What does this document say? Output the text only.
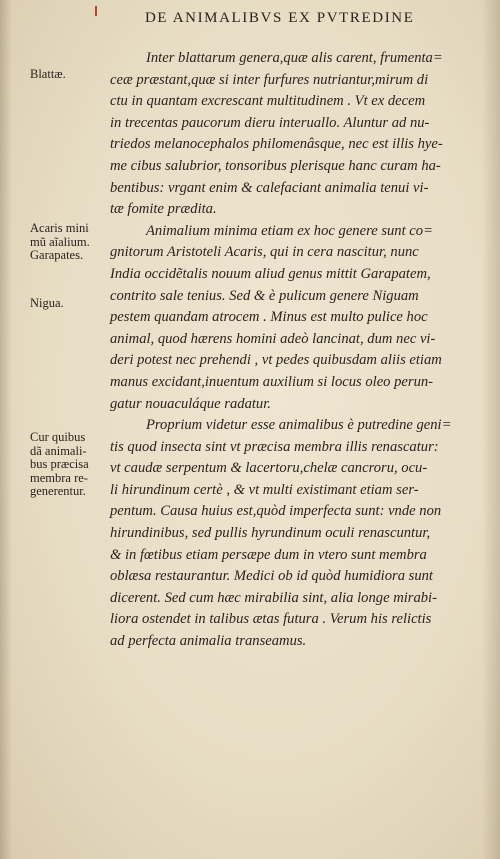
DE ANIMALIBVS EX PVTREDINE
Blattæ.
Acaris mini
mũ aĩalium.
Garapates.
Nigua.
Cur quibus
dã animali-
bus præcisa
membra re-
generentur.
Inter blattarum genera,quæ alis carent, frumenta=
ceæ præstant,quæ si inter furfures nutriantur,mirum di
ctu in quantam excrescant multitudinem . Vt ex decem
in trecentas paucorum dieru interuallo. Aluntur ad nu-
triedos melanocephalos philomenâsque, nec est illis hye-
me cibus salubrior, tonsoribus plerisque hanc curam ha-
bentibus: vrgant enim & calefaciant animalia tenui vi-
tæ fomite prædita.
Animalium minima etiam ex hoc genere sunt co=
gnitorum Aristoteli Acaris, qui in cera nascitur, nunc
India occidẽtalis nouum aliud genus mittit Garapatem,
contrito sale tenius. Sed & è pulicum genere Niguam
pestem quandam atrocem . Minus est multo pulice hoc
animal, quod hærens homini adeò lancinat, dum nec vi-
deri potest nec prehendi , vt pedes quibusdam aliis etiam
manus excidant,inuentum auxilium si locus oleo perun-
gatur nouaculáque radatur.
Proprium videtur esse animalibus è putredine geni=
tis quod insecta sint vt præcisa membra illis renascatur:
vt caudæ serpentum & lacertoru,chelæ cancroru, ocu-
li hirundinum certè , & vt multi existimant etiam ser-
pentum. Causa huius est,quòd imperfecta sunt: vnde non
hirundinibus, sed pullis hyrundinum oculi renascuntur,
& in fœtibus etiam persæpe dum in vtero sunt membra
oblæsa restaurantur. Medici ob id quòd humidiora sunt
dicerent. Sed cum hæc mirabilia sint, alia longe mirabi-
liora ostendet in talibus ætas futura . Verum his relictis
ad perfecta animalia transeamus.
